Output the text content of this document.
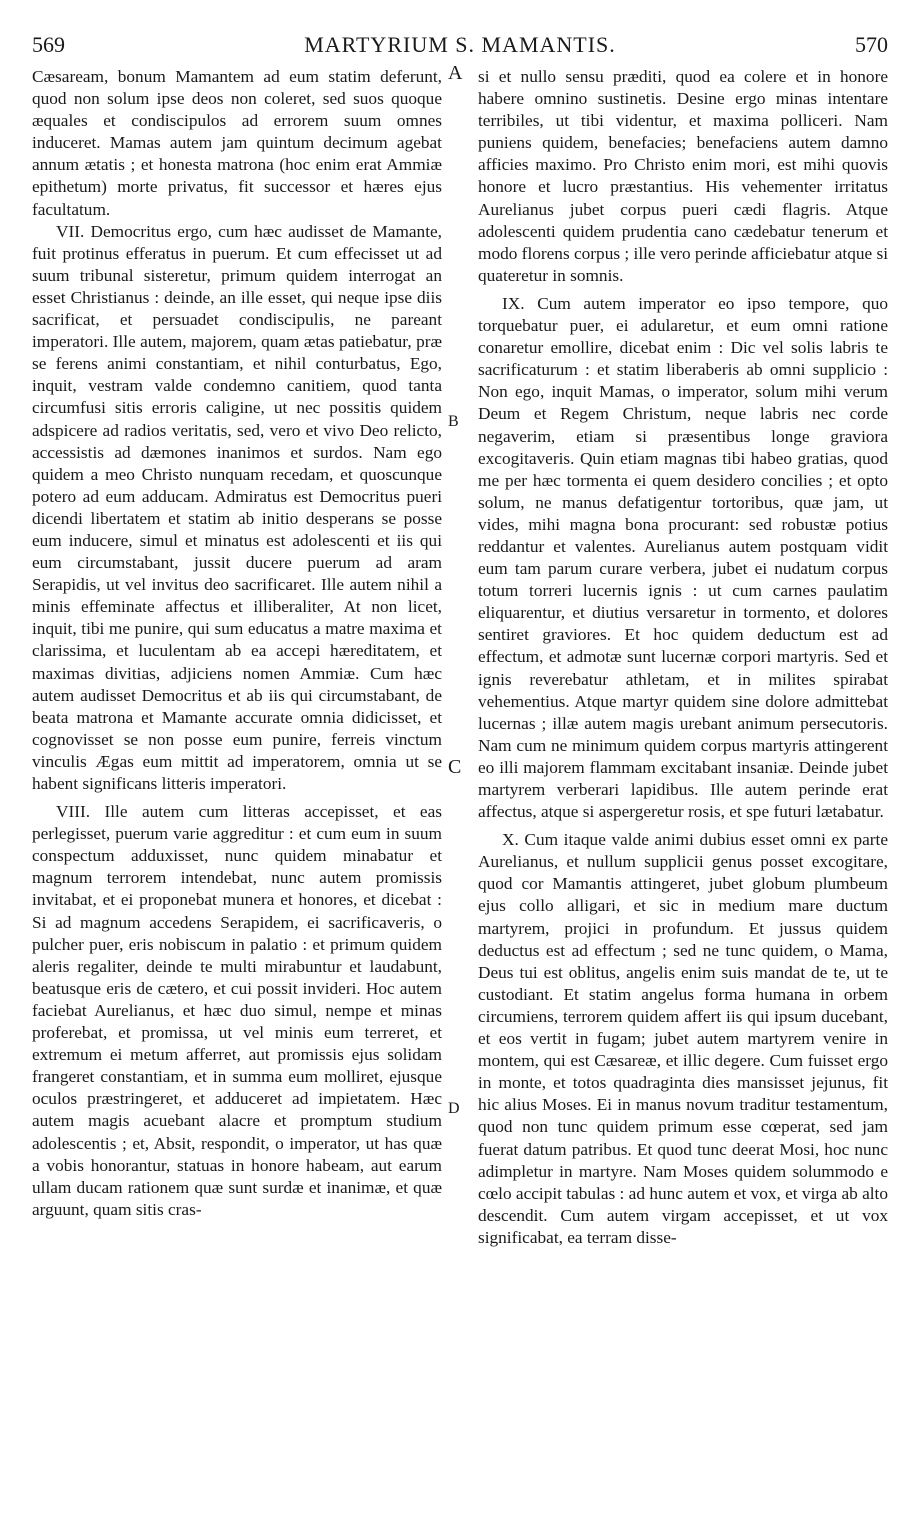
569	MARTYRIUM S. MAMANTIS.	570

Cæsaream, bonum Mamantem ad eum statim deferunt, quod non solum ipse deos non coleret, sed suos quoque æquales et condiscipulos ad errorem suum omnes induceret. Mamas autem jam quintum decimum agebat annum ætatis ; et honesta matrona (hoc enim erat Ammiæ epithetum) morte privatus, fit successor et hæres ejus facultatum.

VII. Democritus ergo, cum hæc audisset de Mamante, fuit protinus efferatus in puerum. Et cum effecisset ut ad suum tribunal sisteretur, primum quidem interrogat an esset Christianus : deinde, an ille esset, qui neque ipse diis sacrificat, et persuadet condiscipulis, ne pareant imperatori. Ille autem, majorem, quam ætas patiebatur, præ se ferens animi constantiam, et nihil conturbatus, Ego, inquit, vestram valde condemno canitiem, quod tanta circumfusi sitis erroris caligine, ut nec possitis quidem adspicere ad radios veritatis, sed, vero et vivo Deo relicto, accessistis ad dæmones inanimos et surdos. Nam ego quidem a meo Christo nunquam recedam, et quoscunque potero ad eum adducam. Admiratus est Democritus pueri dicendi libertatem et statim ab initio desperans se posse eum inducere, simul et minatus est adolescenti et iis qui eum circumstabant, jussit ducere puerum ad aram Serapidis, ut vel invitus deo sacrificaret. Ille autem nihil a minis effeminate affectus et illiberaliter, At non licet, inquit, tibi me punire, qui sum educatus a matre maxima et clarissima, et luculentam ab ea accepi hæreditatem, et maximas divitias, adjiciens nomen Ammiæ. Cum hæc autem audisset Democritus et ab iis qui circumstabant, de beata matrona et Mamante accurate omnia didicisset, et cognovisset se non posse eum punire, ferreis vinctum vinculis Ægas eum mittit ad imperatorem, omnia ut se habent significans litteris imperatori.

VIII. Ille autem cum litteras accepisset, et eas perlegisset, puerum varie aggreditur : et cum eum in suum conspectum adduxisset, nunc quidem minabatur et magnum terrorem intendebat, nunc autem promissis invitabat, et ei proponebat munera et honores, et dicebat : Si ad magnum accedens Serapidem, ei sacrificaveris, o pulcher puer, eris nobiscum in palatio : et primum quidem aleris regaliter, deinde te multi mirabuntur et laudabunt, beatusque eris de cætero, et cui possit invideri. Hoc autem faciebat Aurelianus, et hæc duo simul, nempe et minas proferebat, et promissa, ut vel minis eum terreret, et extremum ei metum afferret, aut promissis ejus solidam frangeret constantiam, et in summa eum molliret, ejusque oculos præstringeret, et adduceret ad impietatem. Hæc autem magis acuebant alacre et promptum studium adolescentis ; et, Absit, respondit, o imperator, ut has quæ a vobis honorantur, statuas in honore habeam, aut earum ullam ducam rationem quæ sunt surdæ et inanimæ, et quæ arguunt, quam sitis cras-

A
B
C
D

si et nullo sensu præditi, quod ea colere et in honore habere omnino sustinetis. Desine ergo minas intentare terribiles, ut tibi videntur, et maxima polliceri. Nam puniens quidem, benefacies; benefaciens autem damno afficies maximo. Pro Christo enim mori, est mihi quovis honore et lucro præstantius. His vehementer irritatus Aurelianus jubet corpus pueri cædi flagris. Atque adolescenti quidem prudentia cano cædebatur tenerum et modo florens corpus ; ille vero perinde afficiebatur atque si quateretur in somnis.

IX. Cum autem imperator eo ipso tempore, quo torquebatur puer, ei adularetur, et eum omni ratione conaretur emollire, dicebat enim : Dic vel solis labris te sacrificaturum : et statim liberaberis ab omni supplicio : Non ego, inquit Mamas, o imperator, solum mihi verum Deum et Regem Christum, neque labris nec corde negaverim, etiam si præsentibus longe graviora excogitaveris. Quin etiam magnas tibi habeo gratias, quod me per hæc tormenta ei quem desidero concilies ; et opto solum, ne manus defatigentur tortoribus, quæ jam, ut vides, mihi magna bona procurant: sed robustæ potius reddantur et valentes. Aurelianus autem postquam vidit eum tam parum curare verbera, jubet ei nudatum corpus totum torreri lucernis ignis : ut cum carnes paulatim eliquarentur, et diutius versaretur in tormento, et dolores sentiret graviores. Et hoc quidem deductum est ad effectum, et admotæ sunt lucernæ corpori martyris. Sed et ignis reverebatur athletam, et in milites spirabat vehementius. Atque martyr quidem sine dolore admittebat lucernas ; illæ autem magis urebant animum persecutoris. Nam cum ne minimum quidem corpus martyris attingerent eo illi majorem flammam excitabant insaniæ. Deinde jubet martyrem verberari lapidibus. Ille autem perinde erat affectus, atque si aspergeretur rosis, et spe futuri lætabatur.

X. Cum itaque valde animi dubius esset omni ex parte Aurelianus, et nullum supplicii genus posset excogitare, quod cor Mamantis attingeret, jubet globum plumbeum ejus collo alligari, et sic in medium mare ductum martyrem, projici in profundum. Et jussus quidem deductus est ad effectum ; sed ne tunc quidem, o Mama, Deus tui est oblitus, angelis enim suis mandat de te, ut te custodiant. Et statim angelus forma humana in orbem circumiens, terrorem quidem affert iis qui ipsum ducebant, et eos vertit in fugam; jubet autem martyrem venire in montem, qui est Cæsareæ, et illic degere. Cum fuisset ergo in monte, et totos quadraginta dies mansisset jejunus, fit hic alius Moses. Ei in manus novum traditur testamentum, quod non tunc quidem primum esse cœperat, sed jam fuerat datum patribus. Et quod tunc deerat Mosi, hoc nunc adimpletur in martyre. Nam Moses quidem solummodo e cœlo accipit tabulas : ad hunc autem et vox, et virga ab alto descendit. Cum autem virgam accepisset, et ut vox significabat, ea terram disse-
